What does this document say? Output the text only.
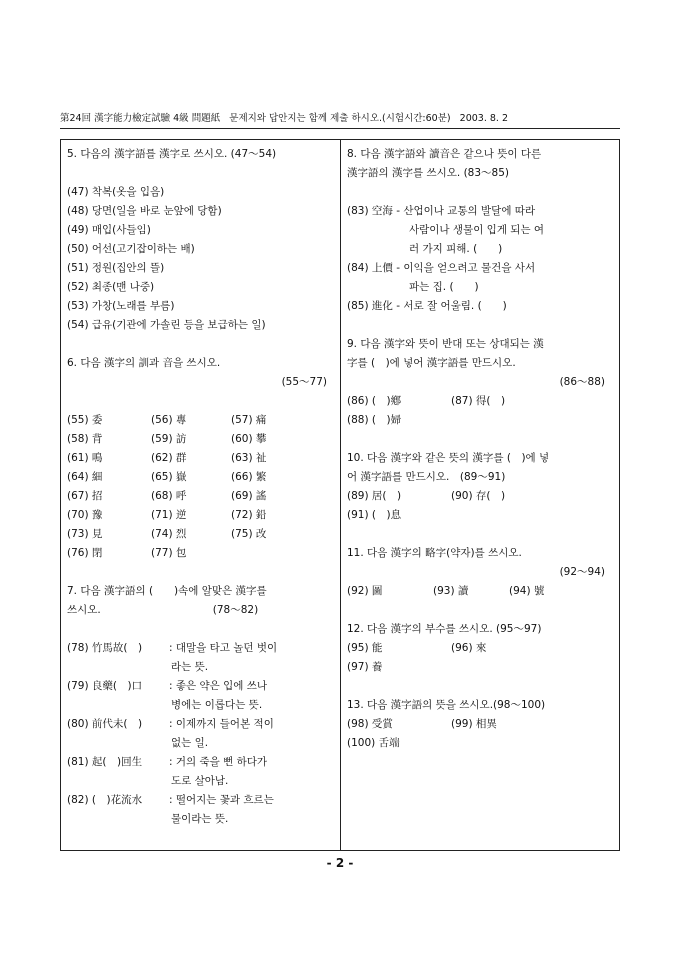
第24回 漢字能力檢定試驗 4級 問題紙 문제지와 답안지는 함께 제출 하시오.(시험시간:60분) 2003. 8. 2
5. 다음의 漢字語를 漢字로 쓰시오. (47～54)
(47) 착복(옷을 입음)
(48) 당면(일을 바로 눈앞에 당함)
(49) 매입(사들임)
(50) 어선(고기잡이하는 배)
(51) 정원(집안의 뜰)
(52) 최종(맨 나중)
(53) 가창(노래를 부름)
(54) 급유(기관에 가솔린 등을 보급하는 일)
6. 다음 漢字의 訓과 音을 쓰시오.
(55～77)
(55) 委	(56) 專	(57) 痛
(58) 背	(59) 訪	(60) 攀
(61) 鳴	(62) 群	(63) 祉
(64) 細	(65) 嶽	(66) 繁
(67) 招	(68) 呼	(69) 謠
(70) 豫	(71) 逆	(72) 鉛
(73) 見	(74) 烈	(75) 改
(76) 閉	(77) 包
7. 다음 漢字語의 (　　)속에 알맞은 漢字를
쓰시오.	(78～82)
(78) 竹馬故(　)	: 대말을 타고 놀던 벗이
라는 뜻.
(79) 良藥(　)口	: 좋은 약은 입에 쓰나
병에는 이롭다는 뜻.
(80) 前代未(　)	: 이제까지 들어본 적이
없는 일.
(81) 起(　)回生	: 거의 죽을 뻔 하다가
도로 살아남.
(82) (　)花流水	: 떨어지는 꽃과 흐르는
물이라는 뜻.
8. 다음 漢字語와 讀音은 같으나 뜻이 다른
漢字語의 漢字를 쓰시오. (83～85)
(83) 空海 - 산업이나 교통의 발달에 따라
사람이나 생물이 입게 되는 여
러 가지 피해. (　　)
(84) 上價 - 이익을 얻으려고 물건을 사서
파는 집. (　　)
(85) 進化 - 서로 잘 어울림. (　　)
9. 다음 漢字와 뜻이 반대 또는 상대되는 漢
字를 (　)에 넣어 漢字語를 만드시오.
(86～88)
(86) (　)鄕	(87) 得(　)
(88) (　)婦
10. 다음 漢字와 같은 뜻의 漢字를 (　)에 넣
어 漢字語를 만드시오.　(89～91)
(89) 居(　)	(90) 存(　)
(91) (　)息
11. 다음 漢字의 略字(약자)를 쓰시오.
(92～94)
(92) 圖	(93) 讀	(94) 號
12. 다음 漢字의 부수를 쓰시오. (95～97)
(95) 能	(96) 來
(97) 養
13. 다음 漢字語의 뜻을 쓰시오.(98～100)
(98) 受賞	(99) 相異
(100) 舌端
- 2 -
